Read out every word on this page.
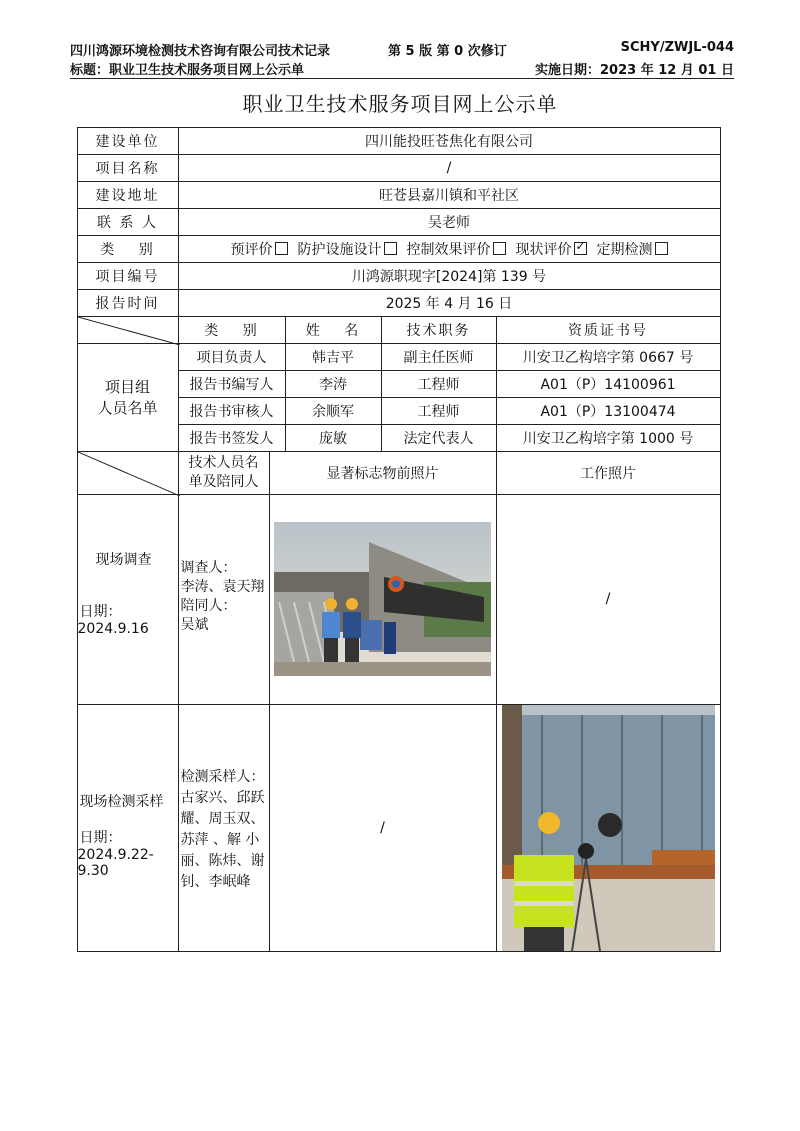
四川鸿源环境检测技术咨询有限公司技术记录	第 5 版 第 0 次修订	SCHY/ZWJL-044
标题：职业卫生技术服务项目网上公示单	实施日期：2023 年 12 月 01 日
职业卫生技术服务项目网上公示单
建设单位	四川能投旺苍焦化有限公司
项目名称	/
建设地址	旺苍县嘉川镇和平社区
联 系 人	吴老师
类　 别	预评价	防护设施设计	控制效果评价	现状评价✓	定期检测
项目编号	川鸿源职现字[2024]第 139 号
报告时间	2025 年 4 月 16 日
类　 别	姓　 名	技术职务	资质证书号
项目组
人员名单
项目负责人	韩吉平	副主任医师	川安卫乙构培字第 0667 号
报告书编写人	李涛	工程师	A01（P）14100961
报告书审核人	余顺军	工程师	A01（P）13100474
报告书签发人	庞敏	法定代表人	川安卫乙构培字第 1000 号
技术人员名
单及陪同人	显著标志物前照片	工作照片
现场调查
日期：
2024.9.16
调查人：
李涛、袁天翔
陪同人：
吴斌
/
现场检测采样
日期：
2024.9.22-9.30
检测采样人：
古家兴、邱跃
耀、周玉双、
苏萍 、解 小
丽、陈炜、谢
钊、李岷峰
/
